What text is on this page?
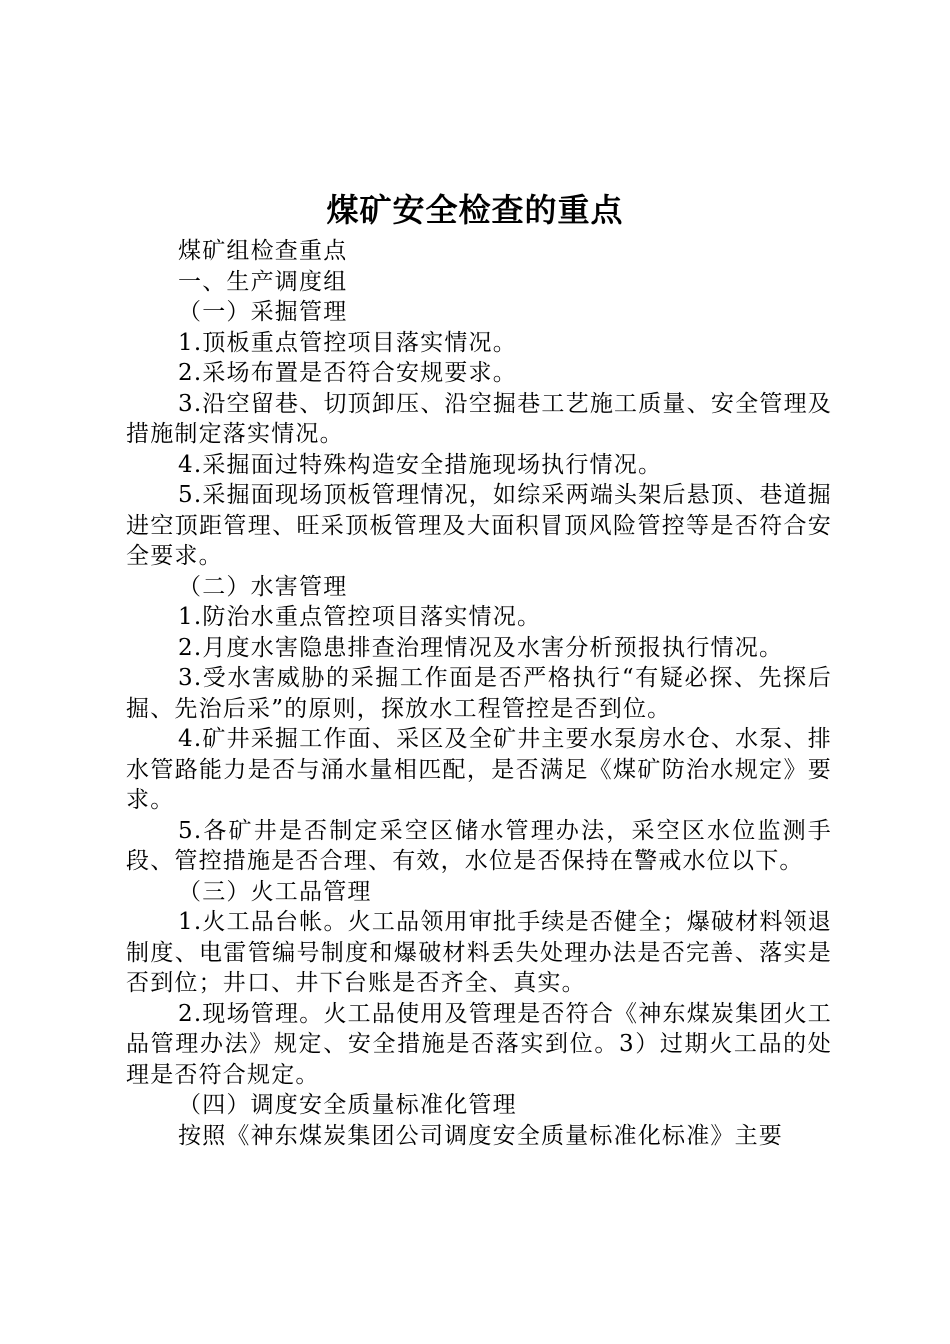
煤矿安全检查的重点

煤矿组检查重点

一、生产调度组

（一）采掘管理

1.顶板重点管控项目落实情况。

2.采场布置是否符合安规要求。

3.沿空留巷、切顶卸压、沿空掘巷工艺施工质量、安全管理及措施制定落实情况。

4.采掘面过特殊构造安全措施现场执行情况。

5.采掘面现场顶板管理情况，如综采两端头架后悬顶、巷道掘进空顶距管理、旺采顶板管理及大面积冒顶风险管控等是否符合安全要求。

（二）水害管理

1.防治水重点管控项目落实情况。

2.月度水害隐患排查治理情况及水害分析预报执行情况。

3.受水害威胁的采掘工作面是否严格执行“有疑必探、先探后掘、先治后采”的原则，探放水工程管控是否到位。

4.矿井采掘工作面、采区及全矿井主要水泵房水仓、水泵、排水管路能力是否与涌水量相匹配，是否满足《煤矿防治水规定》要求。

5.各矿井是否制定采空区储水管理办法，采空区水位监测手段、管控措施是否合理、有效，水位是否保持在警戒水位以下。

（三）火工品管理

1.火工品台帐。火工品领用审批手续是否健全；爆破材料领退制度、电雷管编号制度和爆破材料丢失处理办法是否完善、落实是否到位；井口、井下台账是否齐全、真实。

2.现场管理。火工品使用及管理是否符合《神东煤炭集团火工品管理办法》规定、安全措施是否落实到位。3）过期火工品的处理是否符合规定。

（四）调度安全质量标准化管理

按照《神东煤炭集团公司调度安全质量标准化标准》主要
